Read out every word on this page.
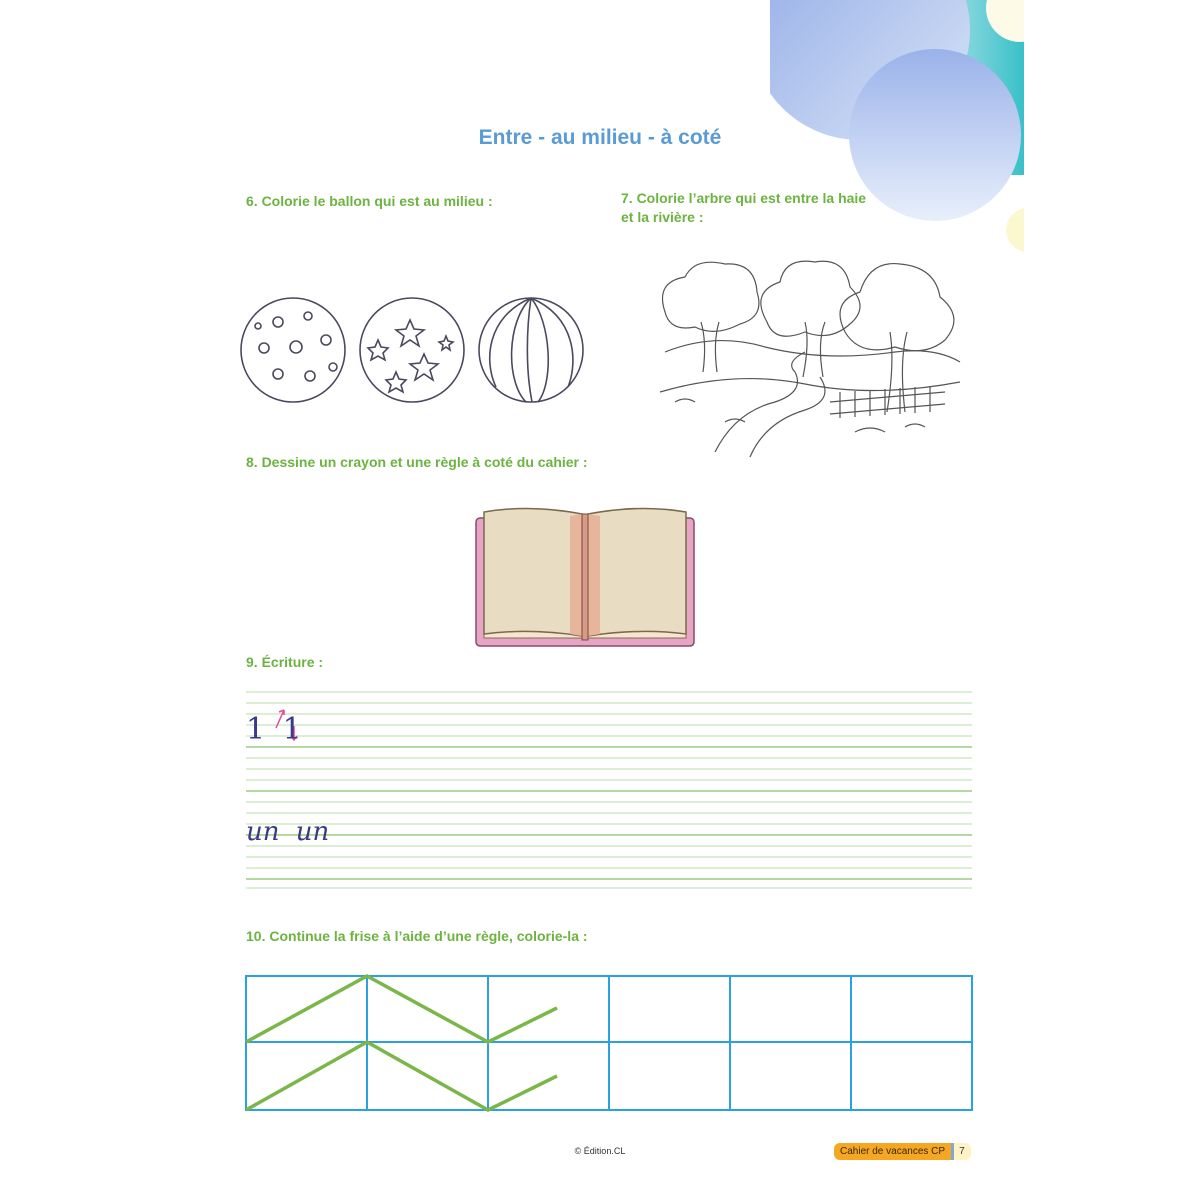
Entre - au milieu - à coté

6. Colorie le ballon qui est au milieu :	7. Colorie l’arbre qui est entre la haie

et la rivière :

8. Dessine un crayon et une règle à coté du cahier :

9. Écriture :

1 1
un un

10. Continue la frise à l’aide d’une règle, colorie-la :

© Édition.CL	Cahier de vacances CP	7
